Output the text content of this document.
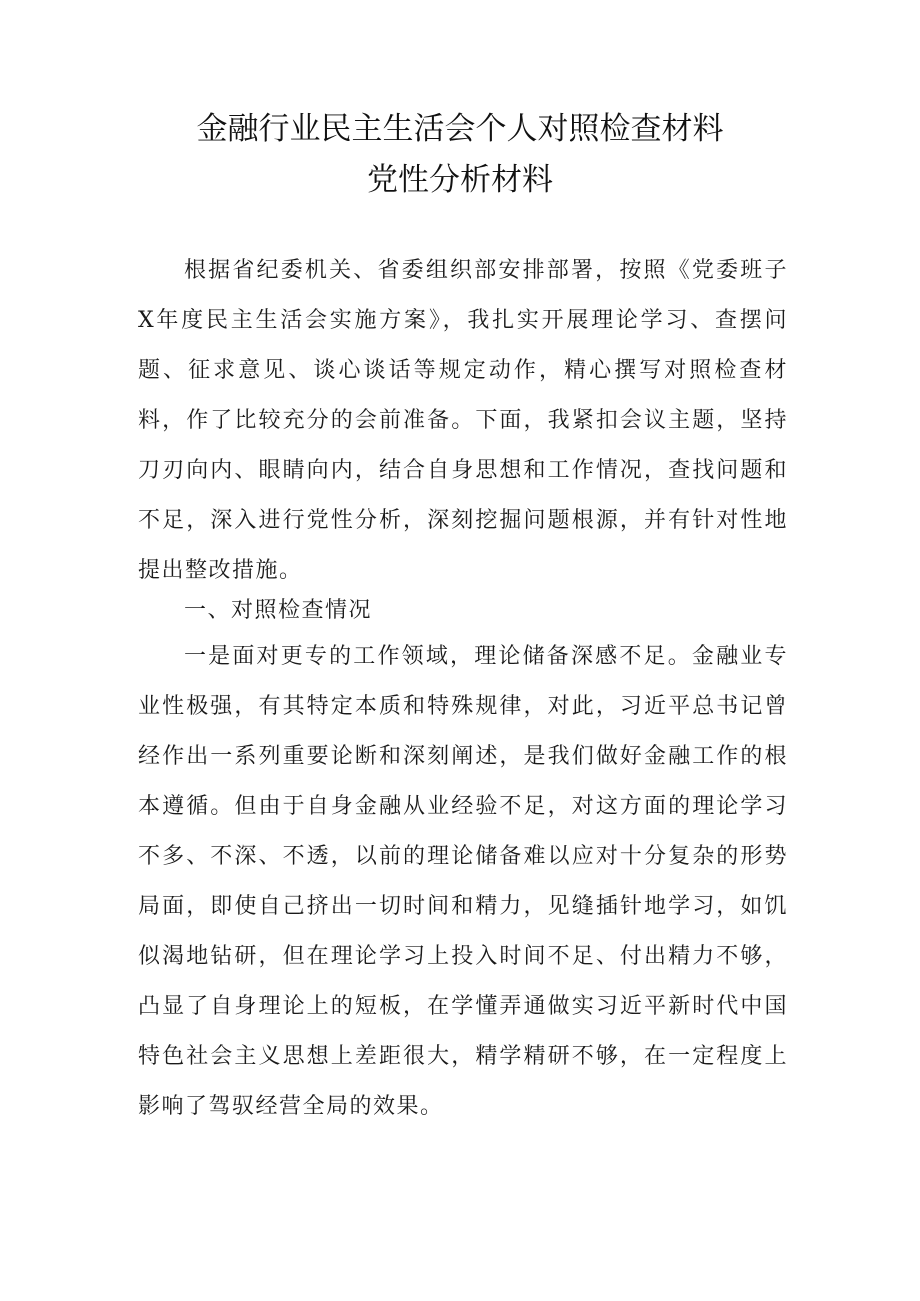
金融行业民主生活会个人对照检查材料
党性分析材料

根据省纪委机关、省委组织部安排部署，按照《党委班子X年度民主生活会实施方案》，我扎实开展理论学习、查摆问题、征求意见、谈心谈话等规定动作，精心撰写对照检查材料，作了比较充分的会前准备。下面，我紧扣会议主题，坚持刀刃向内、眼睛向内，结合自身思想和工作情况，查找问题和不足，深入进行党性分析，深刻挖掘问题根源，并有针对性地提出整改措施。

一、对照检查情况

一是面对更专的工作领域，理论储备深感不足。金融业专业性极强，有其特定本质和特殊规律，对此，习近平总书记曾经作出一系列重要论断和深刻阐述，是我们做好金融工作的根本遵循。但由于自身金融从业经验不足，对这方面的理论学习不多、不深、不透，以前的理论储备难以应对十分复杂的形势局面，即使自己挤出一切时间和精力，见缝插针地学习，如饥似渴地钻研，但在理论学习上投入时间不足、付出精力不够，凸显了自身理论上的短板，在学懂弄通做实习近平新时代中国特色社会主义思想上差距很大，精学精研不够，在一定程度上影响了驾驭经营全局的效果。
